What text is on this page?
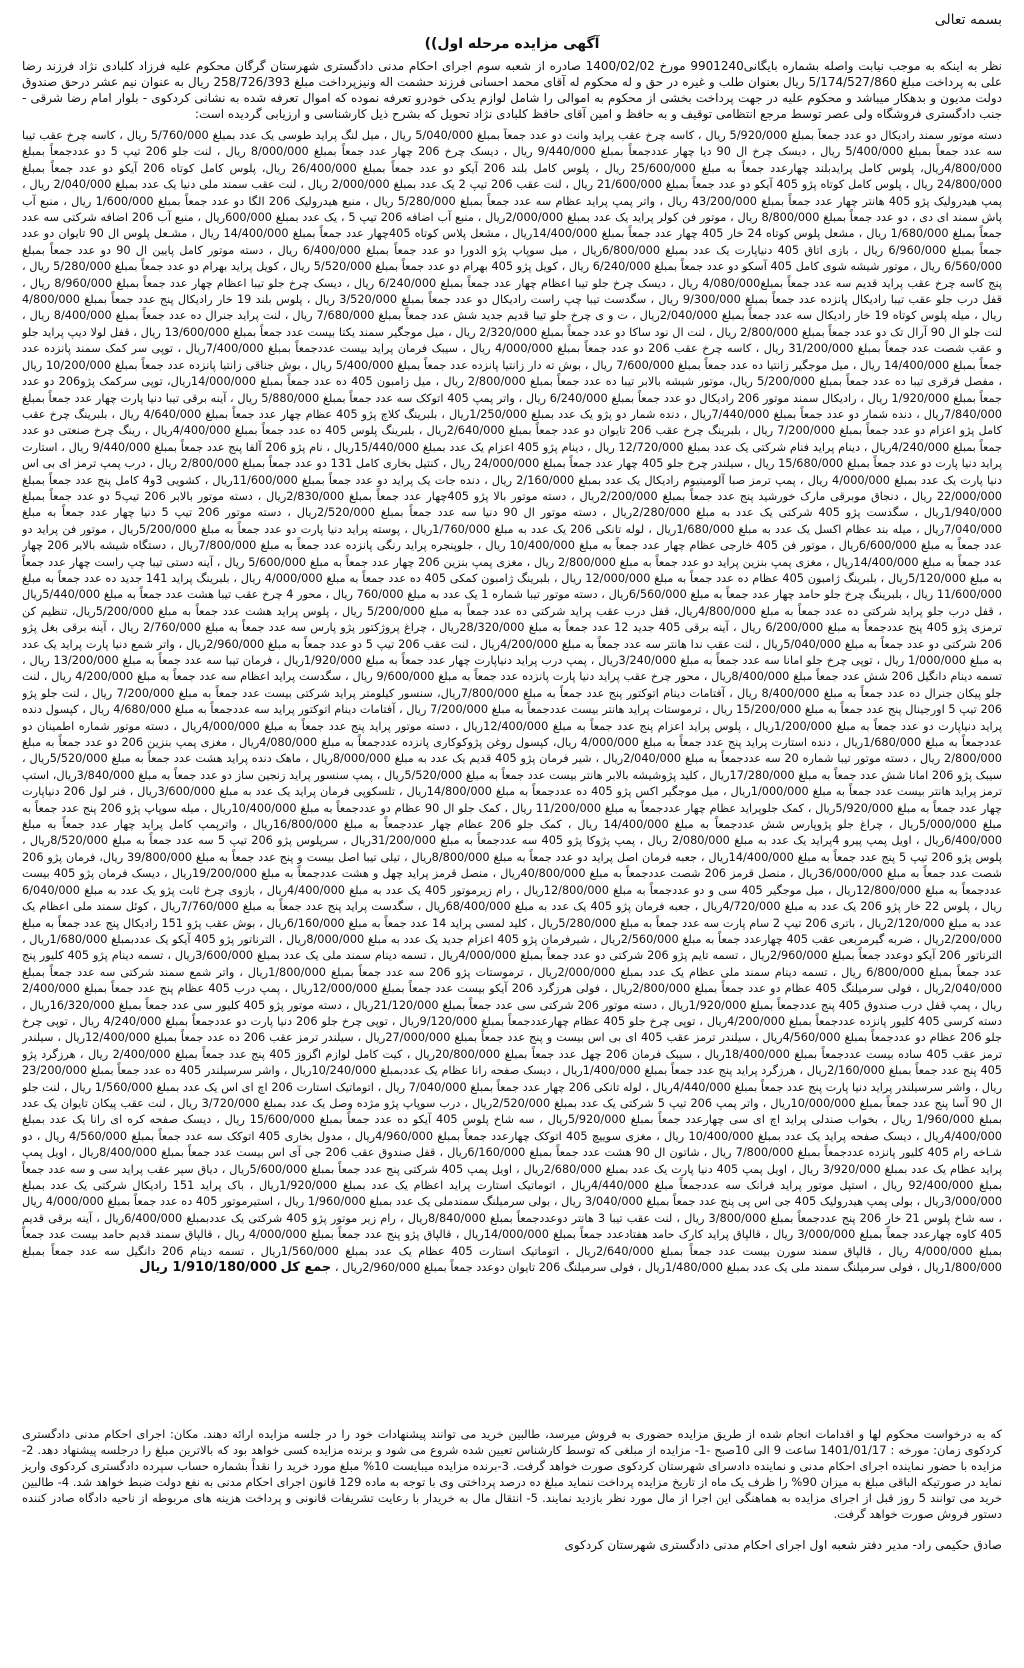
بسمه تعالی
آگهی مزایده مرحله اول))

نظر به اینکه به موجب نیابت واصله بشماره بایگانی9901240 مورخ 1400/02/02 صادره از شعبه سوم اجرای احکام مدنی دادگستری شهرستان گرگان محکوم علیه فرزاد کلبادی نژاد فرزند رضا علی به پرداخت مبلغ 5/174/527/860 ریال بعنوان طلب و غیره در حق و له محکوم له آقای محمد احسانی فرزند حشمت اله ونیزپرداخت مبلغ 258/726/393 ریال به عنوان نیم عشر درحق صندوق دولت مدیون و بدهکار میباشد و محکوم علیه در جهت پرداخت بخشی از محکوم به اموالی را شامل لوازم یدکی خودرو تعرفه نموده که اموال تعرفه شده به نشانی کردکوی - بلوار امام رضا شرقی - جنب دادگستری فروشگاه ولی عصر توسط مرجع انتظامی توقیف و به حافظ و امین آقای حافظ کلبادی نژاد تحویل که بشرح ذیل کارشناسی و ارزیابی گردیده است:

دسته موتور سمند رادیکال دو عدد جمعاً بمبلغ 5/920/000 ریال ، کاسه چرخ عقب پراید وانت دو عدد جمعاً بمبلغ 5/040/000 ریال ، میل لنگ پراید طوسی یک عدد بمبلغ 5/760/000 ریال ، کاسه چرخ عقب تیبا سه عدد جمعاً بمبلغ 5/400/000 ریال ، دیسک چرخ ال 90 دیا چهار عددجمعاً بمبلغ 9/440/000 ریال ، دیسک چرخ 206 چهار عدد جمعاً بمبلغ 8/000/000 ریال ، لنت جلو 206 تیپ 5 دو عددجمعاً بمبلغ 4/800/000ریال، پلوس کامل پرایدبلند چهارعدد جمعاً به مبلغ 25/600/000 ریال ، پلوس کامل بلند 206 آیکو دو عدد جمعاً بمبلغ 26/400/000 ریال، پلوس کامل کوتاه 206 آیکو دو عدد جمعاً بمبلغ 24/800/000 ریال ، پلوس کامل کوتاه پژو 405 آیکو دو عدد جمعاً بمبلغ 21/600/000 ریال ، لنت عقب 206 تیپ 2 یک عدد بمبلغ 2/000/000 ریال ، لنت عقب سمند ملی دنیا یک عدد بمبلغ 2/040/000 ریال ، پمپ هیدرولیک پژو 405 هانتر چهار عدد جمعاً بمبلغ 43/200/000 ریال ، واتر پمپ پراید عظام سه عدد جمعاً بمبلغ 5/280/000 ریال ، منبع هیدرولیک 206 الگا دو عدد جمعاً بمبلغ 1/600/000 ریال ، منبع آب پاش سمند ای دی ، دو عدد جمعاً بمبلغ 8/800/000 ریال ، موتور فن کولر پراید یک عدد بمبلغ 2/000/000ریال ، منبع آب اضافه 206 تیپ 5 ، یک عدد بمبلغ 600/000ریال ، منبع آب 206 اضافه شرکتی سه عدد جمعاً بمبلغ 1/680/000 ریال ، مشعل پلوس کوتاه 24 خار 405 چهار عدد جمعاً بمبلغ 14/400/000ریال ، مشعل پلاس کوتاه 405چهار عدد جمعاً بمبلغ 14/400/000 ریال ، مشـعل پلوس ال 90 تایوان دو عدد جمعاً بمبلغ 6/960/000 ریال ، بازی اتاق 405 دنیاپارت یک عدد بمبلغ 6/800/000ریال ، میل سوپاپ پژو الدورا دو عدد جمعاً بمبلغ 6/400/000 ریال ، دسته موتور کامل پایین ال 90 دو عدد جمعاً بمبلغ 6/560/000 ریال ، موتور شیشه شوی کامل 405 آسکو دو عدد جمعاً بمبلغ 6/240/000 ریال ، کویل پژو 405 بهرام دو عدد جمعاً بمبلغ 5/520/000 ریال ، کویل پراید بهرام دو عدد جمعاً بمبلغ 5/280/000 ریال ، پنج کاسه چرخ عقب پراید قدیم سه عدد جمعاً بمبلغ4/080/000 ریال ، دیسک چرخ جلو تیبا اعظام چهار عدد جمعاً بمبلغ 6/240/000 ریال ، دیسک چرخ جلو تیبا اعظام چهار عدد جمعاً بمبلغ 8/960/000 ریال ، قفل درب جلو عقب تیبا رادیکال پانزده عدد جمعاً بمبلغ 9/300/000 ریال ، سگدست تیبا چپ راست رادیکال دو عدد جمعاً بمبلغ 3/520/000 ریال ، پلوس بلند 19 خار رادیکال پنج عدد جمعاً بمبلغ 4/800/000 ریال ، میله پلوس کوتاه 19 خار رادیکال سه عدد جمعاً بمبلغ 2/040/000ریال ، ت و ی چرخ جلو تیبا قدیم جدید شش عدد جمعاً بمبلغ 7/680/000 ریال ، لنت پراید جنرال ده عدد جمعاً بمبلغ 8/400/000 ریال ، لنت جلو ال 90 آرال تک دو عدد جمعاً بمبلغ 2/800/000 ریال ، لنت ال نود ساکا دو عدد جمعاً بمبلغ 2/320/000 ریال ، میل موجگیر سمند یکتا بیست عدد جمعاً بمبلغ 13/600/000 ریال ، قفل لولا دیپ پراید جلو و عقب شصت عدد جمعاً بمبلغ 31/200/000 ریال ، کاسه چرخ عقب 206 دو عدد جمعاً بمبلغ 4/000/000 ریال ، سیبک فرمان پراید بیست عددجمعاً بمبلغ 7/400/000ریال ، توپی سر کمک سمند پانزده عدد جمعاً بمبلغ 14/400/000 ریال ، میل موجگیر زانتیا ده عدد جمعاً بمبلغ 7/600/000 ریال ، بوش ته دار زانتیا پانزده عدد جمعاً بمبلغ 5/400/000 ریال ، بوش جناقی زانتیا پانزده عدد جمعاً بمبلغ 10/200/000 ریال ، مفصل فرقری تیبا ده عدد جمعاً بمبلغ 5/200/000 ریال، موتور شیشه بالابر تیبا ده عدد جمعاً بمبلغ 2/800/000 ریال ، میل زامبون 405 ده عدد جمعاً بمبلغ 14/000/000ریال، توپی سرکمک پژو206 دو عدد جمعاً بمبلغ 1/920/000 ریال ، رادیکال سمند موتور 206 رادیکال دو عدد جمعاً بمبلغ 6/240/000 ریال ، واتر پمپ 405 اتوکک سه عدد جمعاً بمبلغ 5/880/000 ریال ، آینه برقی تیبا دنیا پارت چهار عدد جمعاً بمبلغ 7/840/000ریال ، دنده شمار دو عدد جمعاً بمبلغ 7/440/000ریال ، دنده شمار دو پژو یک عدد بمبلغ 1/250/000ریال ، بلبرینگ کلاچ پژو 405 عظام چهار عدد جمعاً بمبلغ 4/640/000 ریال ، بلبرینگ چرخ عقب کامل پژو اعزام دو عدد جمعاً بمبلغ 7/200/000 ریال ، بلبرینگ چرخ عقب 206 تایوان دو عدد جمعاً بمبلغ 2/640/000ریال ، بلبرینگ پلوس 405 ده عدد جمعاً بمبلغ 4/400/000ریال ، رینگ چرخ صنعتی دو عدد جمعاً بمبلغ 4/240/000ریال ، دینام پراید فنام شرکتی یک عدد بمبلغ 12/720/000 ریال ، دینام پژو 405 اعزام یک عدد بمبلغ 15/440/000ریال ، نام پژو 206 آلفا پنج عدد جمعاً بمبلغ 9/440/000 ریال ، استارت پراید دنیا پارت دو عدد جمعاً بمبلغ 15/680/000 ریال ، سیلندر چرخ جلو 405 چهار عدد جمعاً بمبلغ 24/000/000 ریال ، کنتیل بخاری کامل 131 دو عدد جمعاً بمبلغ 2/800/000 ریال ، درب پمپ ترمز ای بی اس دنیا پارت یک عدد بمبلغ 4/000/000 ریال ، پمپ ترمز صبا آلومینیوم رادیکال یک عدد بمبلغ 2/160/000 ریال ، دنده جات یک پراید دو عدد جمعاً بمبلغ 11/600/000ریال ، کشویی 3و4 کامل پنج عدد جمعاً بمبلغ 22/000/000 ریال ، دنجاق موبرقی مارک خورشید پنج عدد جمعاً بمبلغ 2/200/000ریال ، دسته موتور بالا پژو 405چهار عدد جمعاً بمبلغ 2/830/000ریال ، دسته موتور بالابر 206 تیپ5 دو عدد جمعاً بمبلغ 1/940/000ریال ، سگدست پژو 405 شرکتی یک عدد به مبلغ 2/280/000ریال ، دسته موتور ال 90 دنیا سه عدد جمعاً بمبلغ 2/520/000ریال ، دسته موتور 206 تیپ 5 دنیا چهار عدد جمعاً به مبلغ 7/040/000ریال ، میله بند عظام اکسل یک عدد به مبلغ 1/680/000ریال ، لوله تانکی 206 یک عدد به مبلغ 1/760/000ریال ، پوسته پراید دنیا پارت دو عدد جمعاً به مبلغ 5/200/000ریال ، موتور فن پراید دو عدد جمعاً به مبلغ 6/600/000ریال ، موتور فن 405 خارجی عظام چهار عدد جمعاً به مبلغ 10/400/000 ریال ، جلوپنجره پراید رنگی پانزده عدد جمعاً به مبلغ 7/800/000ریال ، دستگاه شیشه بالابر 206 چهار عدد جمعاً به مبلغ 14/400/000ریال ، مغزی پمپ بنزین پراید دو عدد جمعاً به مبلغ 2/800/000 ریال ، مغزی پمپ بنزین 206 چهار عدد جمعاً به مبلغ 5/600/000 ریال ، آینه دستی تیبا چپ راست چهار عدد جمعاً به مبلغ 5/120/000ریال ، بلبرینگ ژامبون 405 عظام ده عدد جمعاً به مبلغ 12/000/000 ریال ، بلبرینگ ژامبون کمکی 405 ده عدد جمعاً به مبلغ 4/000/000 ریال ، بلبرینگ پراید 141 جدید ده عدد جمعاً به مبلغ 11/600/000 ریال ، بلبرینگ چرخ جلو حامد چهار عدد جمعاً به مبلغ 6/560/000ریال ، دسته موتور تیبا شماره 1 یک عدد به مبلغ 760/000 ریال ، محور 4 چرخ عقب تیبا هشت عدد جمعاً به مبلغ 5/440/000ریال ، قفل درب جلو پراید شرکتی ده عدد جمعاً به مبلغ 4/800/000ریال، قفل درب عقب پراید شرکتی ده عدد جمعاً به مبلغ 5/200/000 ریال ، پلوس پراید هشت عدد جمعاً به مبلغ 5/200/000ریال، تنظیم کن ترمزی پژو 405 پنج عددجمعاً به مبلغ 6/200/000 ریال ، آینه برقی 405 جدید 12 عدد جمعاً به مبلغ 28/320/000ریال ، چراغ پروژکتور پژو پارس سه عدد جمعاً به مبلغ 2/760/000 ریال ، آینه برقی بغل پژو 206 شرکتی دو عدد جمعاً به مبلغ 5/040/000ریال ، لنت عقب ندا هانتر سه عدد جمعاً به مبلغ 4/200/000ریال ، لنت عقب 206 تیپ 5 دو عدد جمعاً به مبلغ 2/960/000ریال ، واتر شمع دنیا پارت پراید یک عدد به مبلغ 1/000/000 ریال ، توپی چرخ جلو امانا سه عدد جمعاً به مبلغ 3/240/000ریال ، پمپ درب پراید دنیاپارت چهار عدد جمعاً به مبلغ 1/920/000ریال ، فرمان تیبا سه عدد جمعاً به مبلغ 13/200/000 ریال ، تسمه دینام دانگیل 206 شش عدد جمعاً مبلغ 8/400/000ریال ، محور چرخ عقب پراید دنیا پارت پانزده عدد جمعاً به مبلغ 9/600/000 ریال ، سگدست پراید اعظام سه عدد جمعاً به مبلغ 4/200/000 ریال ، لنت جلو پیکان جنرال ده عدد جمعاً به مبلغ 8/400/000 ریال ، آفتامات دینام اتوکتور پنج عدد جمعاً به مبلغ 7/800/000ریال، سنسور کیلومتر پراید شرکتی بیست عدد جمعاً به مبلغ 7/200/000 ریال ، لنت جلو پژو 206 تیپ 5 اورجینال پنج عدد جمعاً به مبلغ 15/200/000 ریال ، ترموستات پراید هانتر بیست عددجمعاً به مبلغ 7/200/000 ریال ، آفتامات دینام اتوکتور پراید سه عددجمعاً به مبلغ 4/680/000 ریال ، کپسول دنده پراید دنیاپارت دو عدد جمعاً به مبلغ 1/200/000ریال ، پلوس پراید اعزام پنج عدد جمعاً به مبلغ 12/400/000ریال ، دسته موتور پراید پنج عدد جمعاً به مبلغ 4/000/000ریال ، دسته موتور شماره اطمینان دو عددجمعاً به مبلغ 1/680/000ریال ، دنده استارت پراید پنج عدد جمعاً به مبلغ 4/000/000 ریال، کپسول روغن پژوکوکاری پانزده عددجمعاً به مبلغ 4/080/000ریال ، مغزی پمپ بنزین 206 دو عدد جمعاً به مبلغ 2/800/000 ریال ، دسته موتور تیبا شماره 20 سه عددجمعاً به مبلغ 2/040/000ریال ، شیر فرمان پژو 405 قدیم یک عدد به مبلغ 8/000/000ریال ، ماهک دنده پراید هشت عدد جمعاً به مبلغ 5/520/000ریال ، سیبک پژو 206 امانا شش عدد جمعاً به مبلغ 17/280/000ریال ، کلید پژوشیشه بالابر هانتر بیست عدد جمعاً به مبلغ 5/520/000ریال ، پمپ سنسور پراید زنجین ساز دو عدد جمعاً به مبلغ 3/840/000ریال، استپ ترمز پراید هانتر بیست عدد جمعاً به مبلغ 1/000/000ریال ، میل موجگیر اکس پژو 405 ده عددجمعاً به مبلغ 14/800/000ریال ، تلسکوپی فرمان پراید یک عدد به مبلغ 3/600/000ریال ، فنر لول 206 دنیاپارت چهار عدد جمعاً به مبلغ 5/920/000ریال ، کمک جلوپراید عظام چهار عددجمعاً به مبلغ 11/200/000 ریال ، کمک جلو ال 90 عظام دو عددجمعاً به مبلغ 10/400/000ریال ، میله سوپاپ پژو 206 پنج عدد جمعاً به مبلغ 5/000/000ریال ، چراغ جلو پژوپارس شش عددجمعاً به مبلغ 14/400/000 ریال ، کمک جلو 206 عظام چهار عددجمعاً به مبلغ 16/800/000ریال ، واترپمپ کامل پراید چهار عدد جمعاً به مبلغ 6/400/000ریال ، اویل پمپ پیرو 4پراید یک عدد به مبلغ 2/080/000 ریال ، پمپ پژوکا پژو 405 سه عددجمعاً به مبلغ 31/200/000ریال ، سرپلوس پژو 206 تیپ 5 سه عدد جمعاً به مبلغ 8/520/000ریال ، پلوس پژو 206 تیپ 5 پنج عدد جمعاً به مبلغ 14/400/000ریال ، جعبه فرمان اصل پراید دو عدد جمعاً به مبلغ 8/800/000ریال ، تیلی تیبا اصل بیست و پنج عدد جمعاً به مبلغ 39/800/000 ریال، فرمان پژو 206 شصت عدد جمعاً به مبلغ 36/000/000ریال ، منصل قرمز 206 شصت عددجمعاً به مبلغ 40/800/000ریال ، منصل قرمز پراید چهل و هشت عددجمعاً به مبلغ 19/200/000ریال ، دیسک فرمان پژو 405 بیست عددجمعاً به مبلغ 12/800/000ریال ، میل موجگیر 405 سی و دو عددجمعاً به مبلغ 12/800/000ریال ، رام زیرموتور 405 یک عدد به مبلغ 4/400/000ریال ، بازوی چرخ ثابت پژو یک عدد به مبلغ 6/040/000 ریال ، پلوس 22 خار پژو 206 یک عدد به مبلغ 4/720/000ریال ، جعبه فرمان پژو 405 یک عدد به مبلغ 68/400/000ریال ، سگدست پراید پنج عدد جمعاً به مبلغ 7/760/000ریال ، کوئل سمند ملی اعظام یک عدد به مبلغ 2/120/000ریال ، باتری 206 تیپ 2 سام پارت سه عدد جمعاً به مبلغ 5/280/000ریال ، کلید لمسی پراید 14 عدد جمعاً به مبلغ 6/160/000ریال ، بوش عقب پژو 151 رادیکال پنج عدد جمعاً به مبلغ 2/200/000ریال ، ضربه گیرمربعی عقب 405 چهارعدد جمعاً به مبلغ 2/560/000ریال ، شیرفرمان پژو 405 اعزام جدید یک عدد به مبلغ 8/000/000ریال ، الترناتور پژو 405 آیکو یک عددبمبلغ 1/680/000ریال ، الترناتور 206 آیکو دوعدد جمعاً بمبلغ 2/960/000ریال ، تسمه تایم پژو 206 شرکتی دو عدد جمعاً بمبلغ 4/000/000ریال ، تسمه دینام سمند ملی یک عدد بمبلغ 3/600/000ریال ، تسمه دینام پژو 405 کلیور پنج عدد جمعاً بمبلغ 6/800/000 ریال ، تسمه دینام سمند ملی عظام یک عدد بمبلغ 2/000/000ریال ، ترموستات پژو 206 سه عدد جمعاً بمبلغ 1/800/000ریال ، واتر شمع سمند شرکتی سه عدد جمعاً بمبلغ 2/040/000ریال ، فولی سرمیلنگ 405 عظام دو عدد جمعاً بمبلغ 2/800/000ریال ، فولی هرزگرد 206 آیکو بیست عدد جمعاً بمبلغ 12/000/000ریال ، پمپ درب 405 عظام پنج عدد جمعاً بمبلغ 2/400/000 ریال ، پمپ قفل درب صندوق 405 پنج عددجمعاً بمبلغ 1/920/000ریال ، دسته موتور 206 شرکتی سی عدد جمعاً بمبلغ 21/120/000ریال ، دسته موتور پژو 405 کلیور سی عدد جمعاً بمبلغ 16/320/000ریال ، دسته کرسی 405 کلیور پانزده عددجمعاً بمبلغ 4/200/000ریال ، توپی چرخ جلو 405 عظام چهارعددجمعاً بمبلغ 9/120/000ریال ، توپی چرخ جلو 206 دنیا پارت دو عددجمعاً بمبلغ 4/240/000 ریال ، توپی چرخ جلو 206 عظام دو عددجمعاً بمبلغ 4/560/000ریال ، سیلندر ترمز عقب 405 ای بی اس بیست و پنج عدد جمعاً بمبلغ 27/000/000ریال ، سیلندر ترمز عقب 206 ده عدد جمعاً بمبلغ 12/400/000ریال ، سیلندر ترمز عقب 405 ساده بیست عددجمعاً بمبلغ 18/400/000ریال ، سیبک فرمان 206 چهل عدد جمعاً بمبلغ 20/800/000ریال ، کیت کامل لوازم اگزوز 405 پنج عدد جمعاً بمبلغ 2/400/000 ریال ، هرزگرد پژو 405 پنج عدد جمعاً بمبلغ 2/160/000ریال ، هرزگرد پراید پنج عدد جمعاً بمبلغ 1/400/000ریال ، دیسک صفحه رانا عظام یک عددبمبلغ 10/240/000ریال ، واشر سرسیلندر 405 ده عدد جمعاً بمبلغ 23/200/000 ریال ، واشر سرسیلندر پراید دنیا پارت پنج عدد جمعاً بمبلغ 4/440/000ریال ، لوله تانکی 206 چهار عدد جمعاً بمبلغ 7/040/000 ریال ، اتوماتیک استارت 206 اچ ای اس یک عدد بمبلغ 1/560/000 ریال ، لنت جلو ال 90 آسا پنج عدد جمعاً بمبلغ 10/000/000ریال ، واتر پمپ 206 تیپ 5 شرکتی یک عدد بمبلغ 2/520/000ریال ، درب سوپاپ پژو مژده وصل یک عدد بمبلغ 3/720/000 ریال ، لنت عقب پیکان تایوان یک عدد بمبلغ 1/960/000 ریال ، بخواب صندلی پراید اچ ای سی چهارعدد جمعاً بمبلغ 5/920/000ریال ، سه شاخ پلوس 405 آیکو ده عدد جمعاً بمبلغ 15/600/000 ریال ، دیسک صفحه کره ای رانا یک عدد بمبلغ 4/400/000ریال ، دیسک صفحه پراید یک عدد بمبلغ 10/400/000 ریال ، مغزی سوییچ 405 اتوکک چهارعدد جمعاً بمبلغ 4/960/000ریال ، مدول بخاری 405 اتوکک سه عدد جمعاً بمبلغ 4/560/000 ریال ، دو شـاخه رام 405 کلیور پانزده عددجمعاً بمبلغ 7/800/000 ریال ، شاتون ال 90 هشت عدد جمعاً بمبلغ 6/160/000ریال ، قفل صندوق عقب 206 جی آی اس بیست عدد جمعاً بمبلغ 8/400/000ریال ، اویل پمپ پراید عظام یک عدد بمبلغ 3/920/000 ریال ، اویل پمپ 405 دنیا پارت یک عدد بمبلغ 2/680/000ریال ، اویل پمپ 405 شرکتی پنج عدد جمعاً بمبلغ 5/600/000ریال ، دیاق سپر عقب پراید سی و سه عدد جمعاً بمبلغ 92/400/000 ریال ، استپل موتور پراید فرانک سه عددجمعاً مبلغ 4/440/000ریال ، اتوماتیک استارت پراید اعظام یک عدد بمبلغ 1/920/000ریال ، باک پراید 151 رادیکال شرکتی یک عدد بمبلغ 3/000/000ریال ، بولی پمپ هیدرولیک 405 جی اس پی پنج عدد جمعاً بمبلغ 3/040/000 ریال ، بولی سرمیلنگ سمندملی یک عدد بمبلغ 1/960/000 ریال ، استیرموتور 405 ده عدد جمعاً بمبلغ 4/000/000 ریال ، سه شاخ پلوس 21 خار 206 پنج عددجمعاً بمبلغ 3/800/000 ریال ، لنت عقب تیبا 3 هانتر دوعددجمعاً بمبلغ 8/840/000ریال ، رام زیر موتور پژو 405 شرکتی یک عددبمبلغ 6/400/000ریال ، آینه برقی قدیم 405 کاوه چهارعدد جمعاً بمبلغ 3/000/000 ریال ، قالپاق پراید کارک حامد هفتادعدد جمعاً بمبلغ 14/000/000ریال ، قالپاق پژو پنج عدد جمعاً بمبلغ 4/000/000 ریال ، قالپاق سمند قدیم حامد بیست عدد جمعاً بمبلغ 4/000/000 ریال ، قالپاق سمند سورن بیست عدد جمعاً بمبلغ 2/640/000ریال ، اتوماتیک استارت 405 عظام یک عدد بمبلغ 1/560/000ریال ، تسمه دینام 206 دانگیل سه عدد جمعاً بمبلغ 1/800/000ریال ، فولی سرمیلنگ سمند ملی یک عدد بمبلغ 1/480/000ریال ، فولی سرمیلنگ 206 تایوان دوعدد جمعاً بمبلغ 2/960/000ریال ، جمع کل 1/910/180/000 ریال

که به درخواست محکوم لها و اقدامات انجام شده از طریق مزایده حضوری به فروش میرسد، طالبین خرید می توانند پیشنهادات خود را در جلسه مزایده ارائه دهند. مکان: اجرای احکام مدنی دادگستری کردکوی زمان: مورخه : 1401/01/17 ساعت 9 الی 10صبح -1- مزایده از مبلغی که توسط کارشناس تعیین شده شروع می شود و برنده مزایده کسی خواهد بود که بالاترین مبلغ را درجلسه پیشنهاد دهد. 2- مزایده با حضور نماینده اجرای احکام مدنی و نماینده دادسرای شهرستان کردکوی صورت خواهد گرفت. 3-برنده مزایده میبایست 10% مبلغ مورد خرید را نقداً بشماره حساب سپرده دادگستری کردکوی واریز نماید در صورتیکه الباقی مبلغ به میزان 90% را ظرف یک ماه از تاریخ مزایده پرداخت ننماید مبلغ ده درصد پرداختی وی با توجه به ماده 129 قانون اجرای احکام مدنی به نفع دولت ضبط خواهد شد. 4- طالبین خرید می توانند 5 روز قبل از اجرای مزایده به هماهنگی این اجرا از مال مورد نظر بازدید نمایند. 5- انتقال مال به خریدار با رعایت تشریفات قانونی و پرداخت هزینه های مربوطه از ناحیه دادگاه صادر کننده دستور فروش صورت خواهد گرفت.

صادق حکیمی راد- مدیر دفتر شعبه اول اجرای احکام مدنی دادگستری شهرستان کردکوی
